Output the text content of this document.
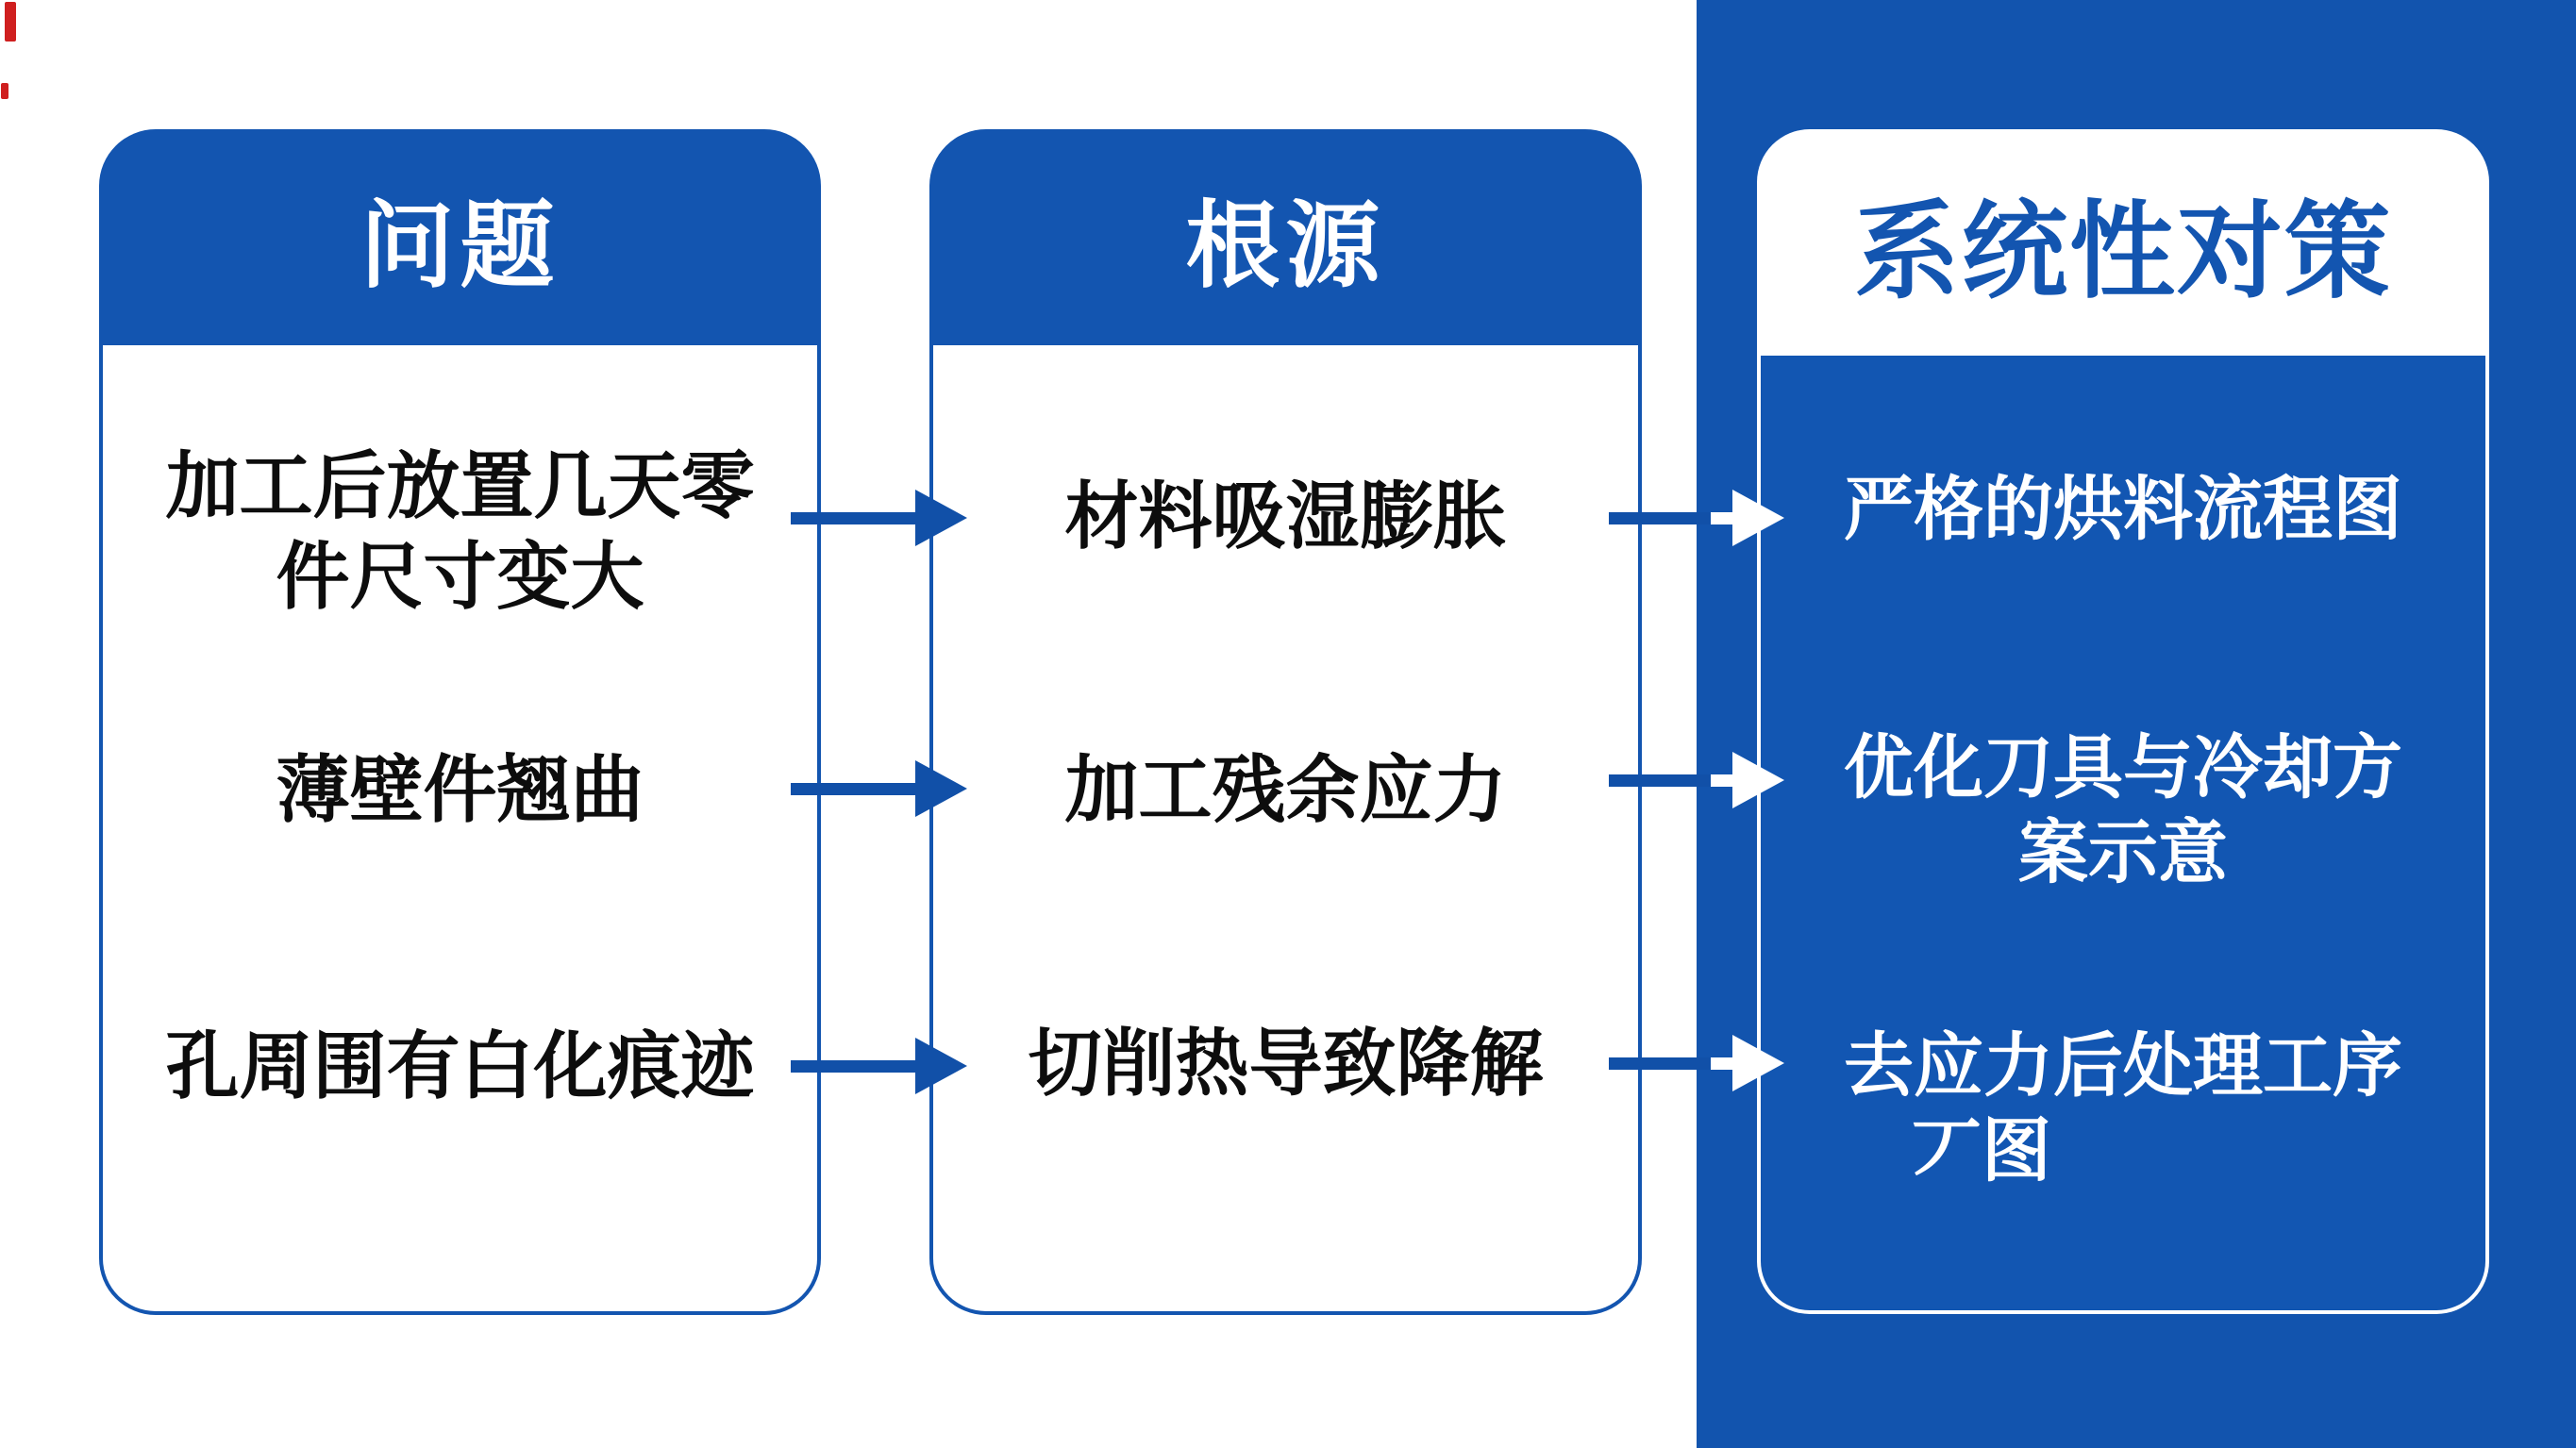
问题
加工后放置几天零
件尺寸变大
薄壁件翘曲
孔周围有白化痕迹
根源
材料吸湿膨胀
加工残余应力
切削热导致降解
系统性对策
严格的烘料流程图
优化刀具与冷却方
案示意
去应力后处理工序
丆图
